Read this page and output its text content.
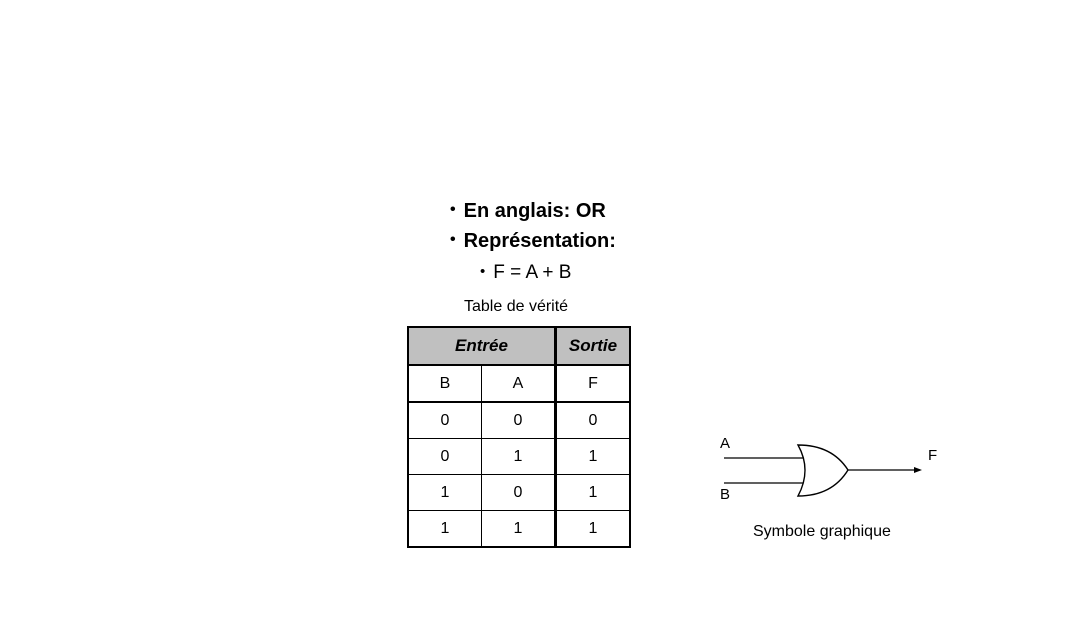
• En anglais: OR
• Représentation:
• F = A + B
Table de vérité
Entrée		Sortie
B	A	F
0	0	0
0	1	1
1	0	1
1	1	1
A
B
F
Symbole graphique
